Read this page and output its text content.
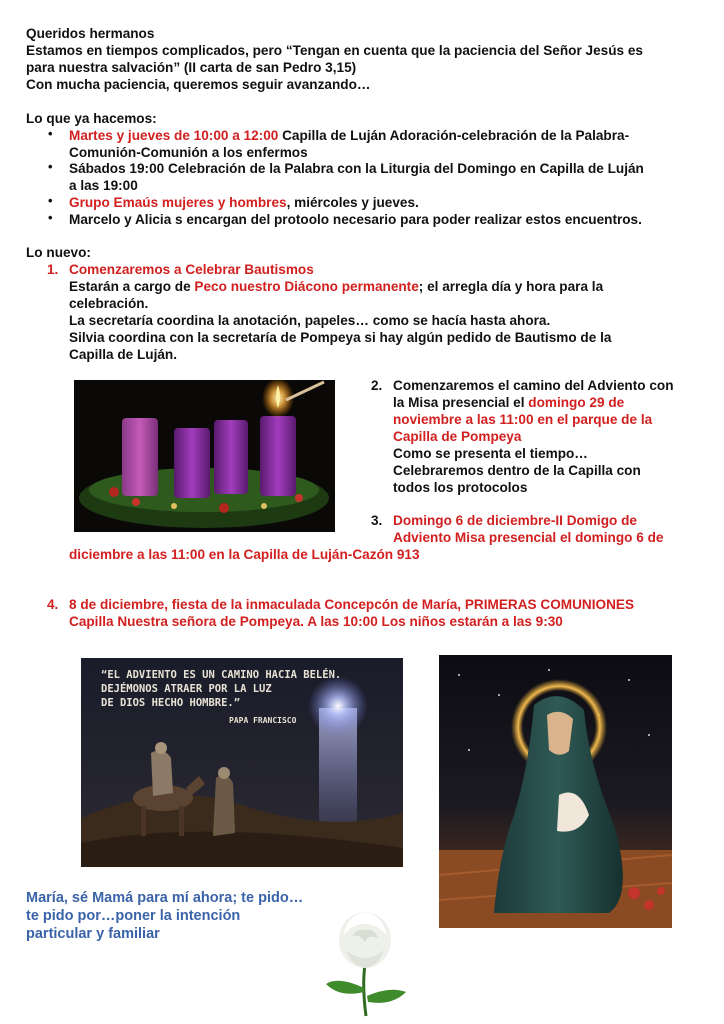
Queridos hermanos
Estamos en tiempos complicados, pero “Tengan en cuenta que la paciencia del Señor Jesús es
para nuestra salvación” (II carta de san Pedro 3,15)
Con mucha paciencia, queremos seguir avanzando…
Lo que ya hacemos:
• Martes y jueves de 10:00 a 12:00 Capilla de Luján Adoración-celebración de la Palabra-
Comunión-Comunión a los enfermos
• Sábados 19:00 Celebración de la Palabra con la Liturgia del Domingo en Capilla de Luján
a las 19:00
• Grupo Emaús mujeres y hombres, miércoles y jueves.
• Marcelo y Alicia s encargan del protoolo necesario para poder realizar estos encuentros.
Lo nuevo:
1. Comenzaremos a Celebrar Bautismos
Estarán a cargo de Peco nuestro Diácono permanente; el arregla día y hora para la
celebración.
La secretaría coordina la anotación, papeles… como se hacía hasta ahora.
Silvia coordina con la secretaría de Pompeya si hay algún pedido de Bautismo de la
Capilla de Luján.
2. Comenzaremos el camino del Adviento con
la Misa presencial el domingo 29 de
noviembre a las 11:00 en el parque de la
Capilla de Pompeya
Como se presenta el tiempo…
Celebraremos dentro de la Capilla con
todos los protocolos
3. Domingo 6 de diciembre-II Domigo de
Adviento Misa presencial el domingo 6 de
diciembre a las 11:00 en la Capilla de Luján-Cazón 913
4. 8 de diciembre, fiesta de la inmaculada Concepcón de María, PRIMERAS COMUNIONES
Capilla Nuestra señora de Pompeya. A las 10:00 Los niños estarán a las 9:30
“EL ADVIENTO ES UN CAMINO HACIA BELÉN.
DEJÉMONOS ATRAER POR LA LUZ
DE DIOS HECHO HOMBRE.”
PAPA FRANCISCO
María, sé Mamá para mí ahora; te pido…
te pido por…poner la intención
particular y familiar
